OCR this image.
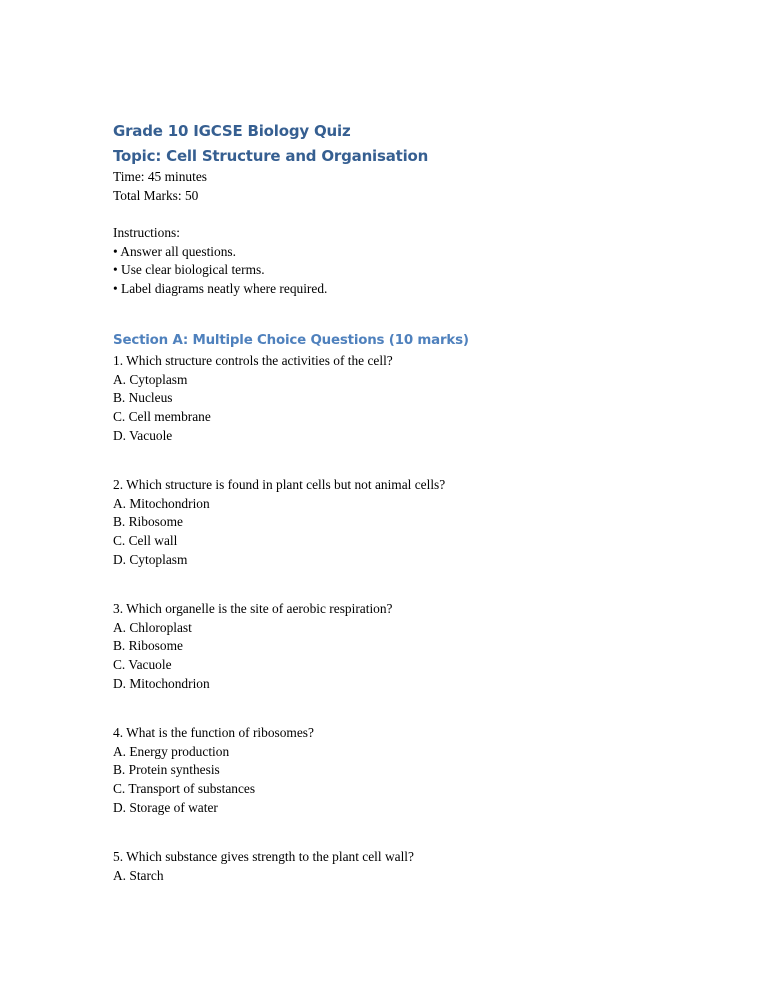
Grade 10 IGCSE Biology Quiz
Topic: Cell Structure and Organisation
Time: 45 minutes
Total Marks: 50
Instructions:
• Answer all questions.
• Use clear biological terms.
• Label diagrams neatly where required.
Section A: Multiple Choice Questions (10 marks)
1. Which structure controls the activities of the cell?
A. Cytoplasm
B. Nucleus
C. Cell membrane
D. Vacuole
2. Which structure is found in plant cells but not animal cells?
A. Mitochondrion
B. Ribosome
C. Cell wall
D. Cytoplasm
3. Which organelle is the site of aerobic respiration?
A. Chloroplast
B. Ribosome
C. Vacuole
D. Mitochondrion
4. What is the function of ribosomes?
A. Energy production
B. Protein synthesis
C. Transport of substances
D. Storage of water
5. Which substance gives strength to the plant cell wall?
A. Starch
